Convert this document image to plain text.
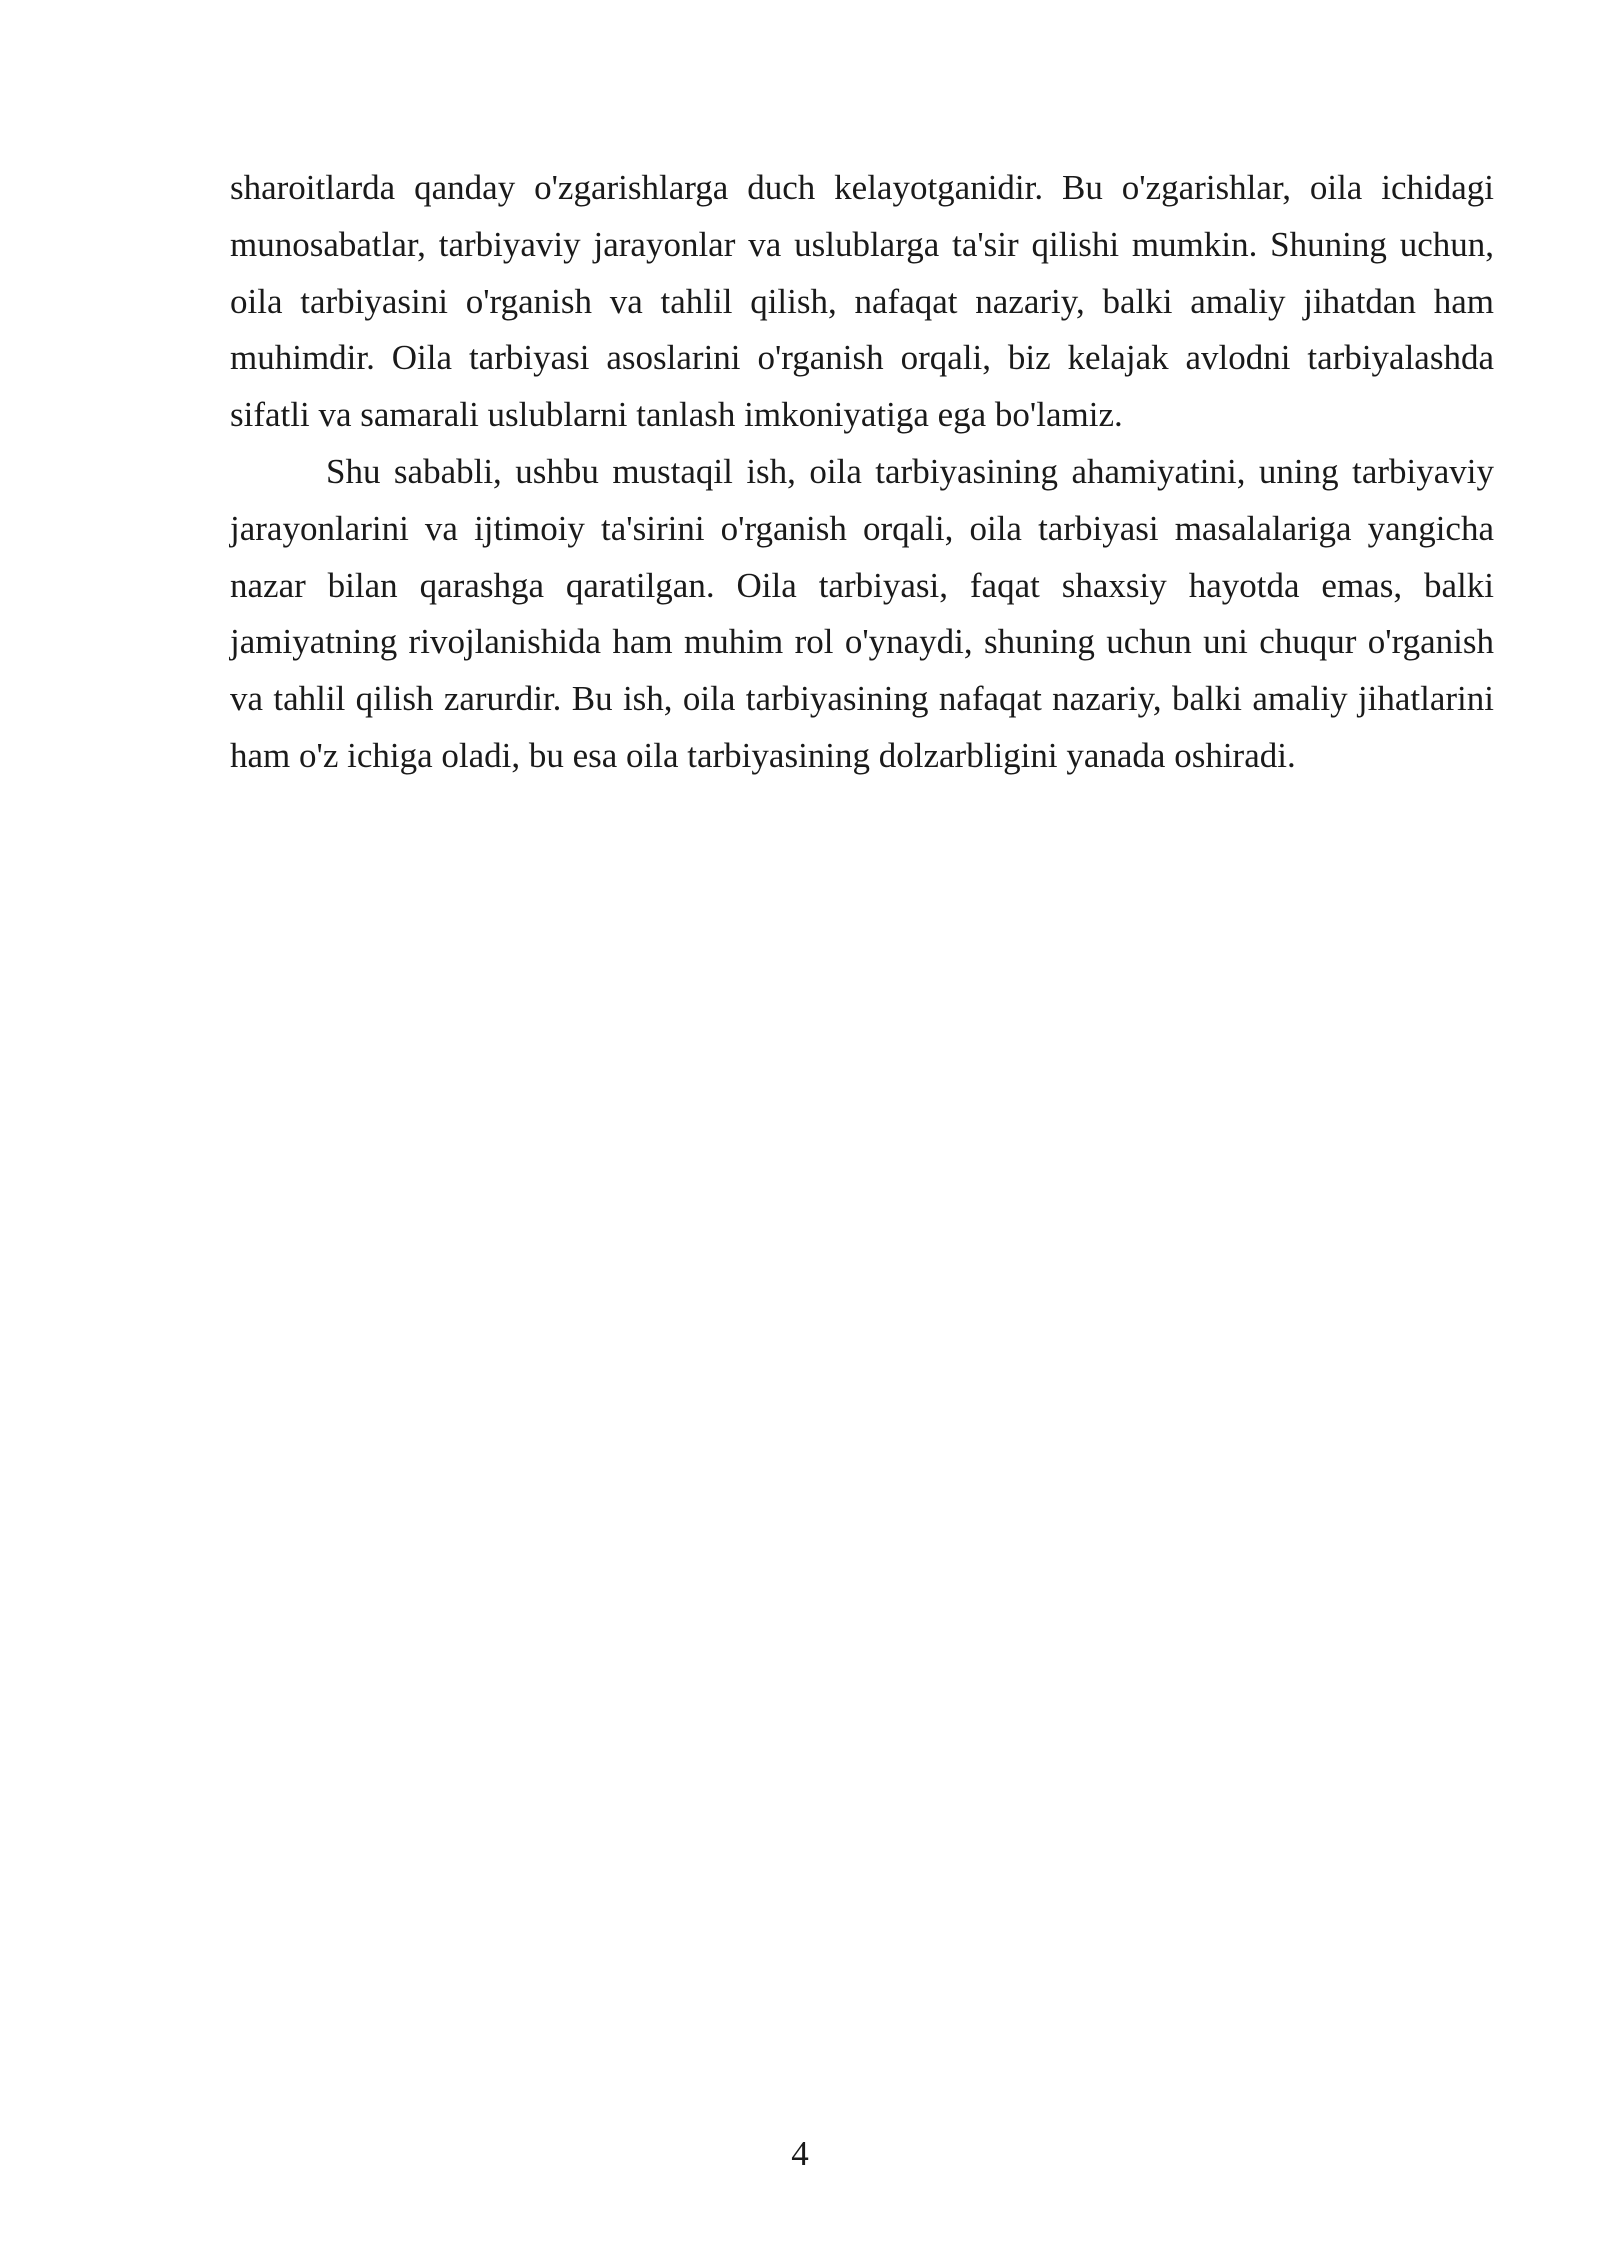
sharoitlarda qanday o'zgarishlarga duch kelayotganidir. Bu o'zgarishlar, oila ichidagi munosabatlar, tarbiyaviy jarayonlar va uslublarga ta'sir qilishi mumkin. Shuning uchun, oila tarbiyasini o'rganish va tahlil qilish, nafaqat nazariy, balki amaliy jihatdan ham muhimdir. Oila tarbiyasi asoslarini o'rganish orqali, biz kelajak avlodni tarbiyalashda sifatli va samarali uslublarni tanlash imkoniyatiga ega bo'lamiz.

Shu sababli, ushbu mustaqil ish, oila tarbiyasining ahamiyatini, uning tarbiyaviy jarayonlarini va ijtimoiy ta'sirini o'rganish orqali, oila tarbiyasi masalalariga yangicha nazar bilan qarashga qaratilgan. Oila tarbiyasi, faqat shaxsiy hayotda emas, balki jamiyatning rivojlanishida ham muhim rol o'ynaydi, shuning uchun uni chuqur o'rganish va tahlil qilish zarurdir. Bu ish, oila tarbiyasining nafaqat nazariy, balki amaliy jihatlarini ham o'z ichiga oladi, bu esa oila tarbiyasining dolzarbligini yanada oshiradi.

4
